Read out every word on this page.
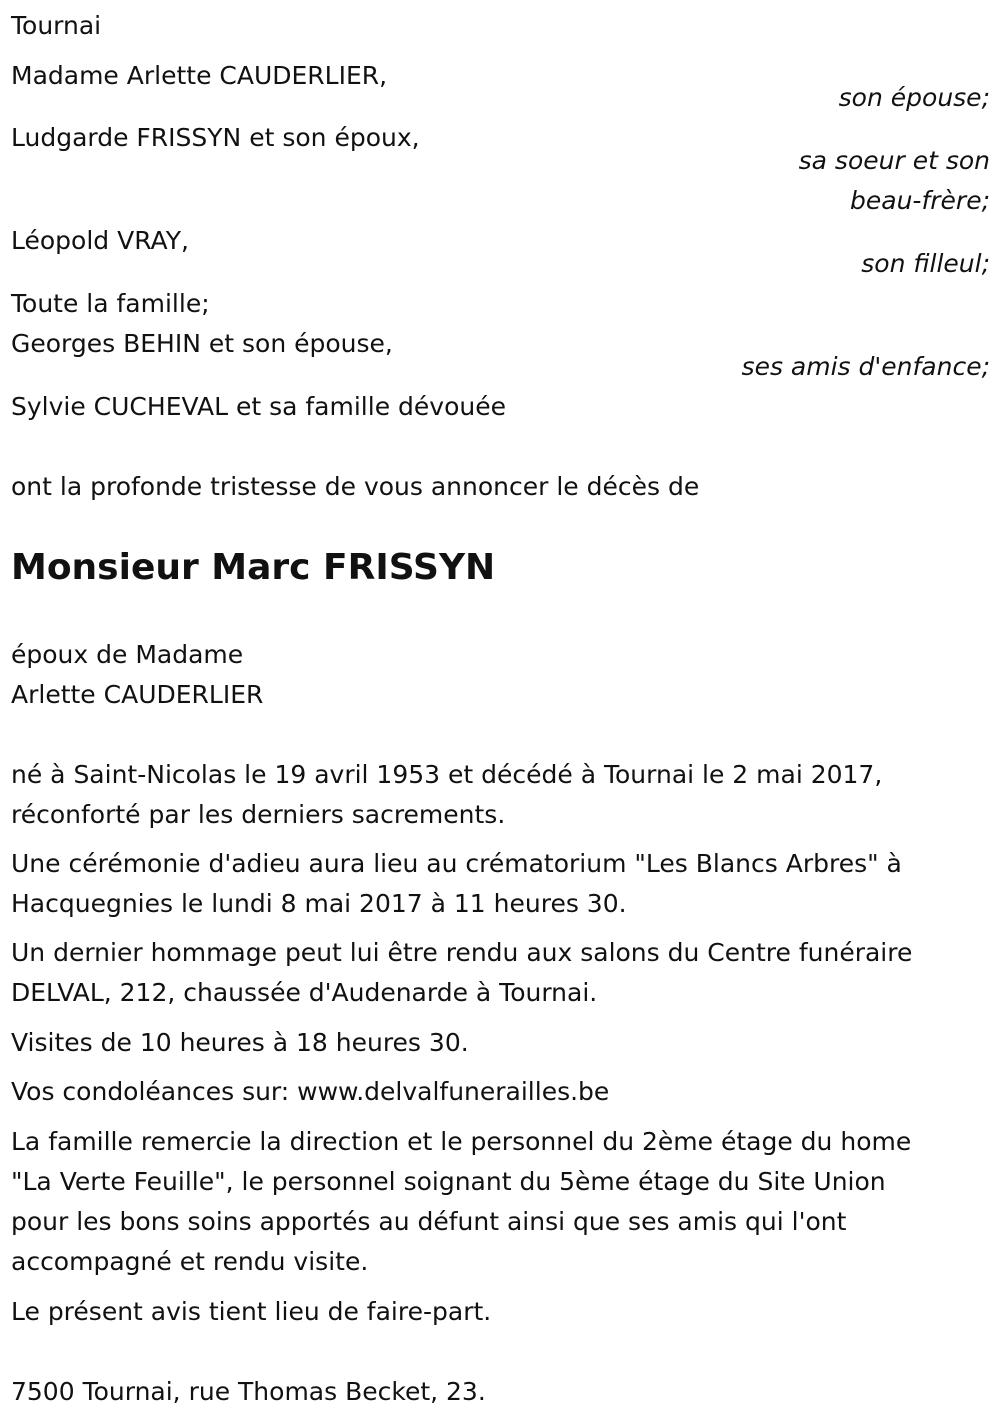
Tournai
Madame Arlette CAUDERLIER,
son épouse;
Ludgarde FRISSYN et son époux,
sa soeur et son
beau-frère;
Léopold VRAY,
son filleul;
Toute la famille;
Georges BEHIN et son épouse,
ses amis d'enfance;
Sylvie CUCHEVAL et sa famille dévouée
ont la profonde tristesse de vous annoncer le décès de
Monsieur Marc FRISSYN
époux de Madame
Arlette CAUDERLIER
né à Saint-Nicolas le 19 avril 1953 et décédé à Tournai le 2 mai 2017,
réconforté par les derniers sacrements.
Une cérémonie d'adieu aura lieu au crématorium "Les Blancs Arbres" à
Hacquegnies le lundi 8 mai 2017 à 11 heures 30.
Un dernier hommage peut lui être rendu aux salons du Centre funéraire
DELVAL, 212, chaussée d'Audenarde à Tournai.
Visites de 10 heures à 18 heures 30.
Vos condoléances sur: www.delvalfunerailles.be
La famille remercie la direction et le personnel du 2ème étage du home
"La Verte Feuille", le personnel soignant du 5ème étage du Site Union
pour les bons soins apportés au défunt ainsi que ses amis qui l'ont
accompagné et rendu visite.
Le présent avis tient lieu de faire-part.
7500 Tournai, rue Thomas Becket, 23.
